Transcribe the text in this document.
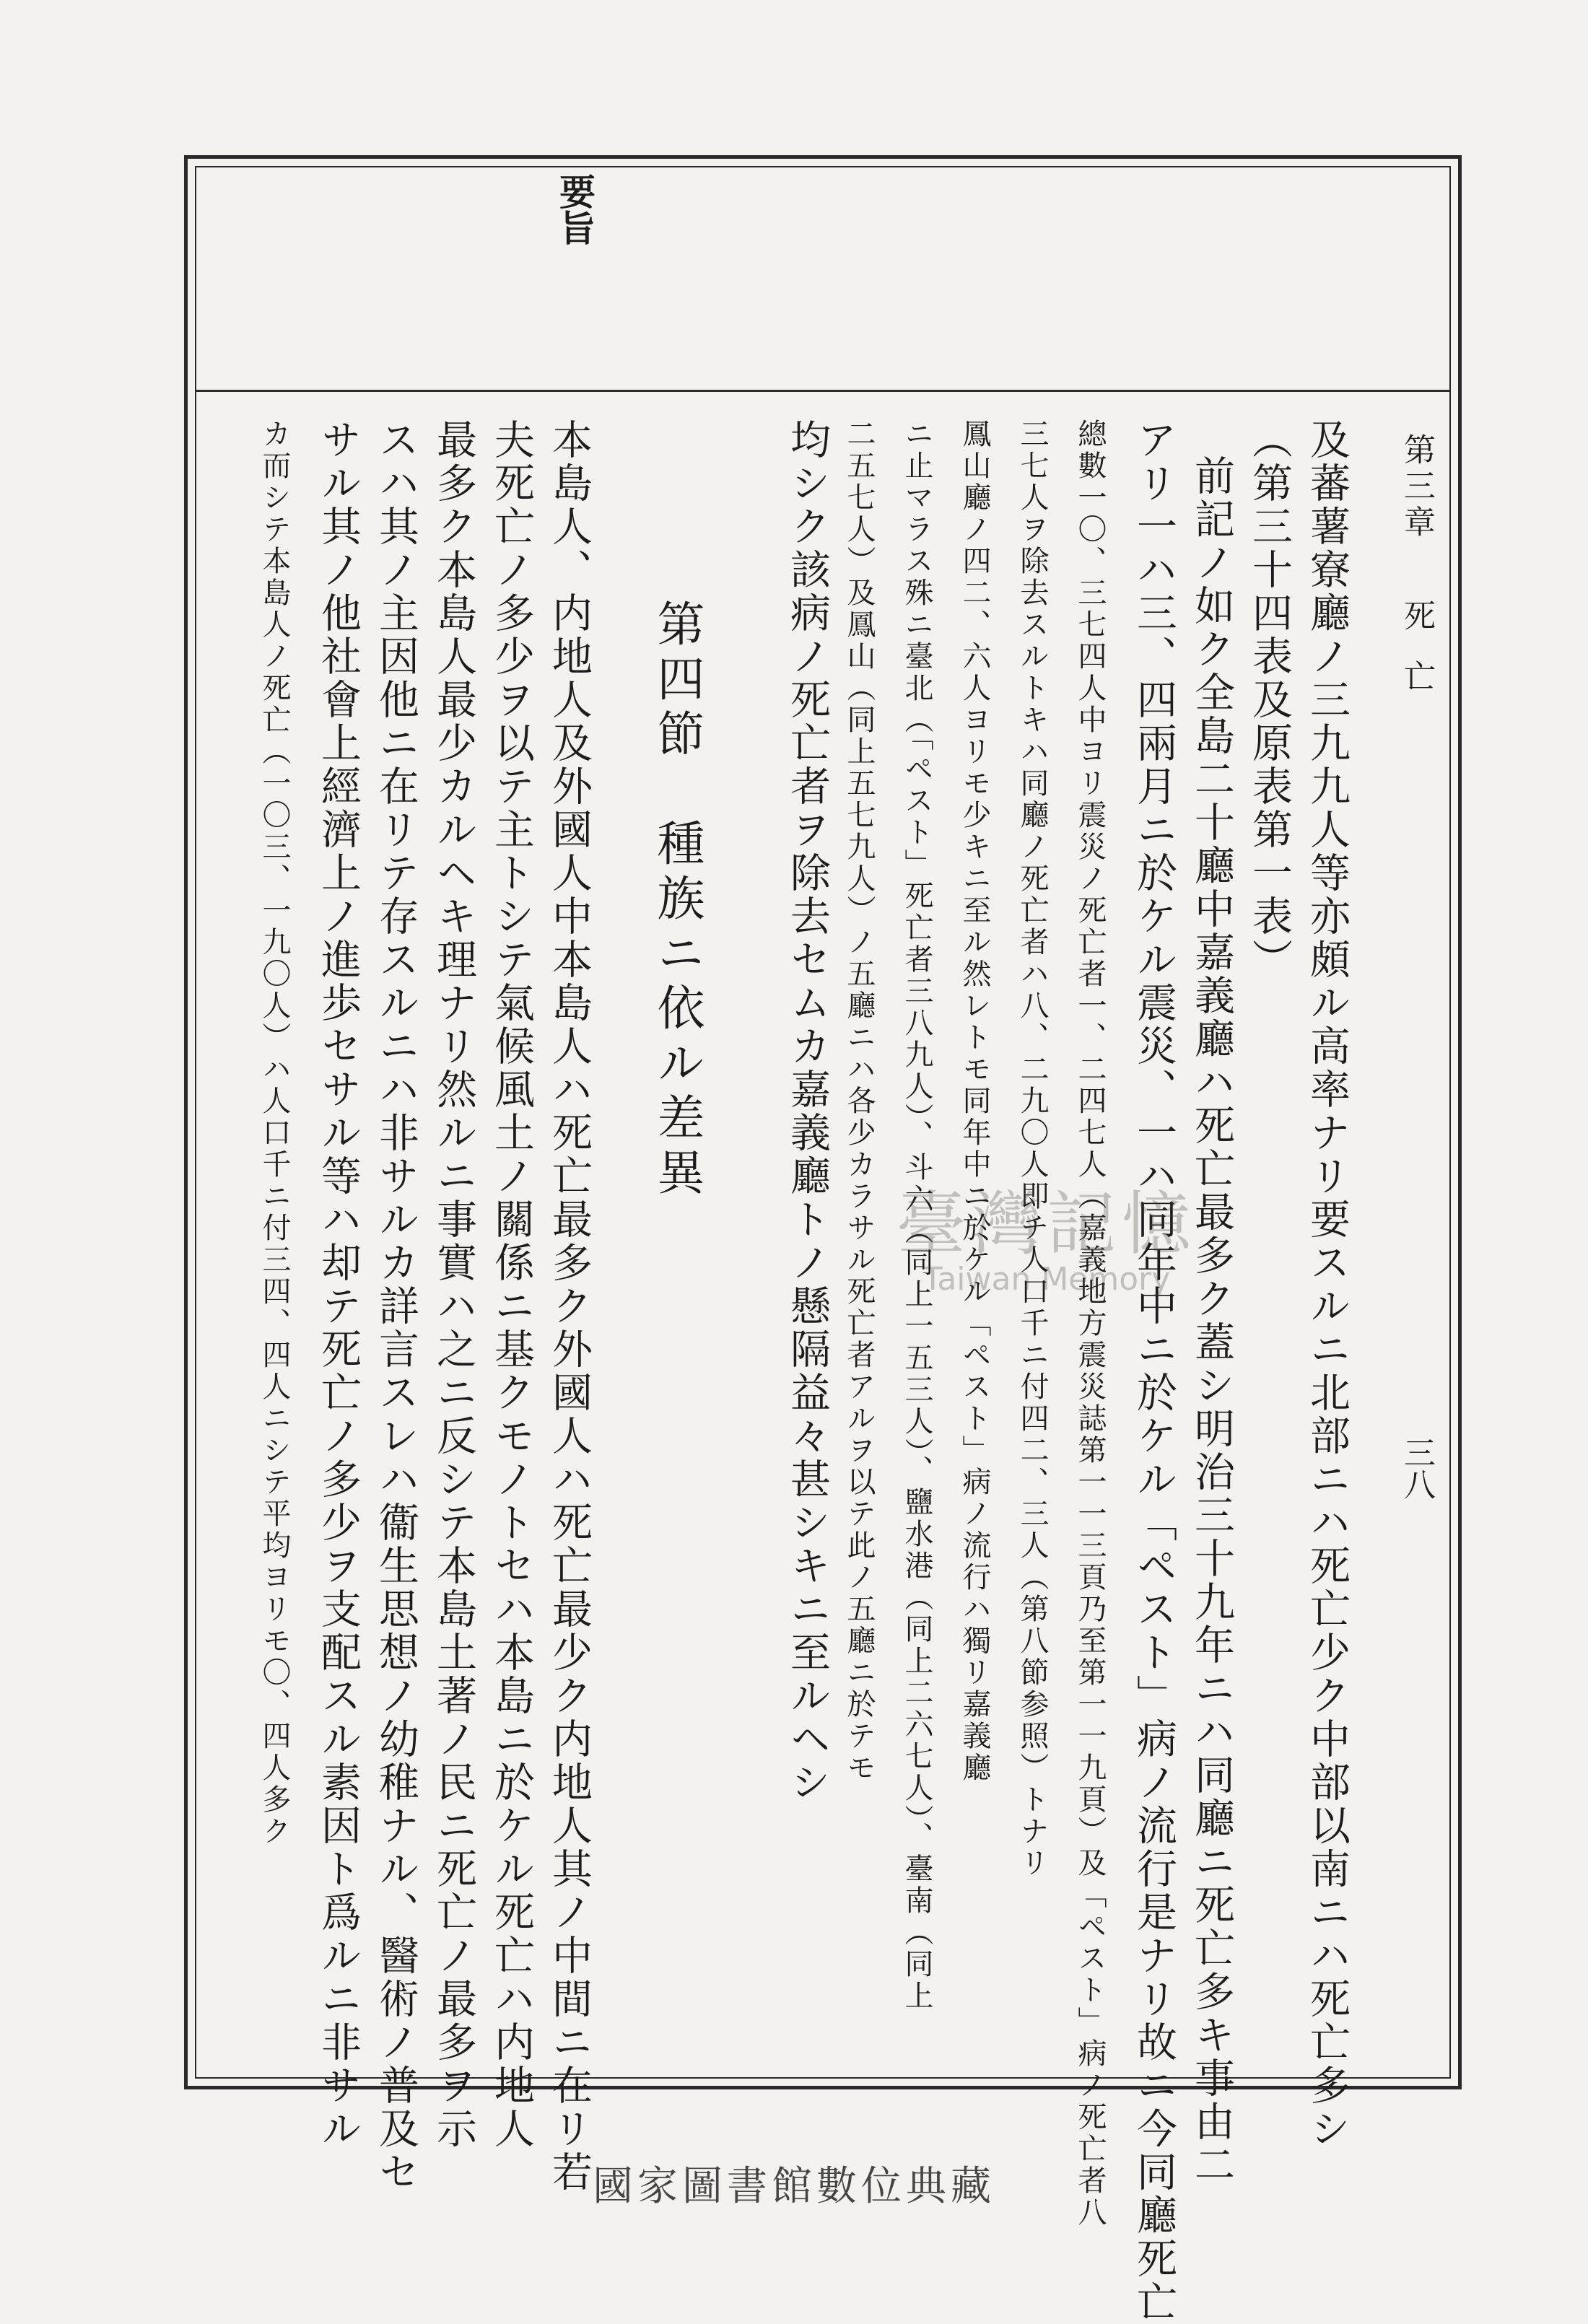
要旨
第三章
死亡
三八
及蕃薯寮廳ノ三九九人等亦頗ル高率ナリ要スルニ北部ニハ死亡少ク中部以南ニハ死亡多シ
（第三十四表及原表第一表）
前記ノ如ク全島二十廳中嘉義廳ハ死亡最多ク蓋シ明治三十九年ニハ同廳ニ死亡多キ事由二
アリ一ハ三、四兩月ニ於ケル震災、一ハ同年中ニ於ケル「ペスト」病ノ流行是ナリ故ニ今同廳死亡
總數一〇、三七四人中ヨリ震災ノ死亡者一、二四七人（嘉義地方震災誌第一一三頁乃至第一一九頁）及「ペスト」病ノ死亡者八
三七人ヲ除去スルトキハ同廳ノ死亡者ハ八、二九〇人即チ人口千ニ付四二、三人（第八節参照）トナリ
鳳山廳ノ四二、六人ヨリモ少キニ至ル然レトモ同年中ニ於ケル「ペスト」病ノ流行ハ獨リ嘉義廳
ニ止マラス殊ニ臺北（「ペスト」死亡者三八九人）、斗六（同上一五三人）、鹽水港（同上二六七人）、臺南（同上
二五七人）及鳳山（同上五七九人）ノ五廳ニハ各少カラサル死亡者アルヲ以テ此ノ五廳ニ於テモ
均シク該病ノ死亡者ヲ除去セムカ嘉義廳トノ懸隔益々甚シキニ至ルヘシ
第四節　種族ニ依ル差異
本島人、内地人及外國人中本島人ハ死亡最多ク外國人ハ死亡最少ク内地人其ノ中間ニ在リ若
夫死亡ノ多少ヲ以テ主トシテ氣候風土ノ關係ニ基クモノトセハ本島ニ於ケル死亡ハ内地人
最多ク本島人最少カルヘキ理ナリ然ルニ事實ハ之ニ反シテ本島土著ノ民ニ死亡ノ最多ヲ示
スハ其ノ主因他ニ在リテ存スルニハ非サルカ詳言スレハ衞生思想ノ幼稚ナル、醫術ノ普及セ
サル其ノ他社會上經濟上ノ進歩セサル等ハ却テ死亡ノ多少ヲ支配スル素因ト爲ルニ非サル
カ而シテ本島人ノ死亡（一〇三、一九〇人）ハ人口千ニ付三四、四人ニシテ平均ヨリモ〇、四人多ク	臺灣記憶
Taiwan Memory
國家圖書館數位典藏
